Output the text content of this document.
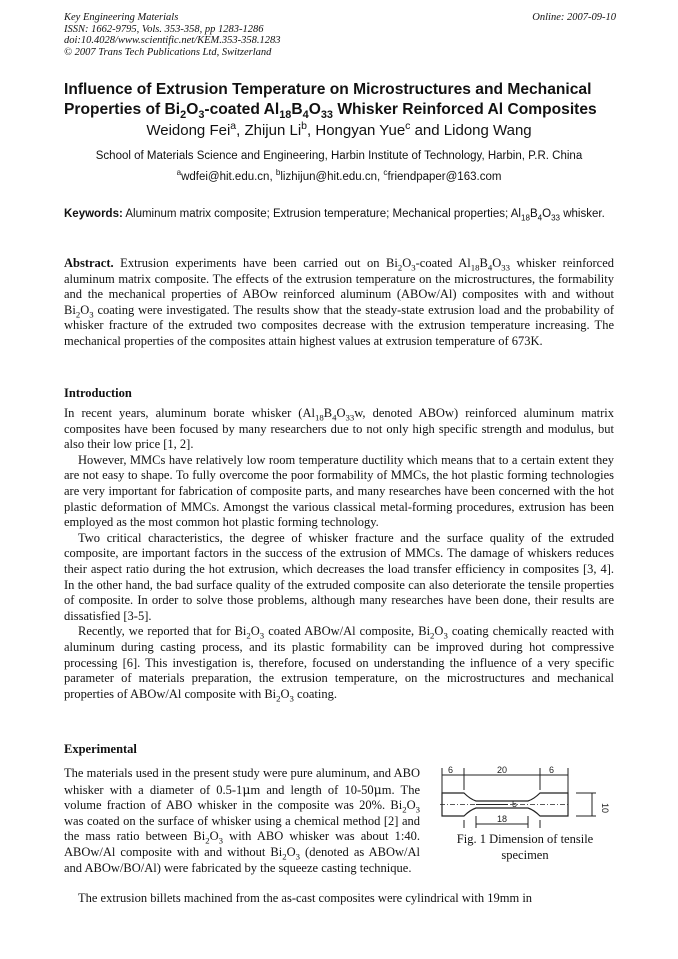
Key Engineering Materials
ISSN: 1662-9795, Vols. 353-358, pp 1283-1286
doi:10.4028/www.scientific.net/KEM.353-358.1283
© 2007 Trans Tech Publications Ltd, Switzerland
Online: 2007-09-10
Influence of Extrusion Temperature on Microstructures and Mechanical
Properties of $Bi_2O_3$-coated $Al_{18}B_4O_{33}$ Whisker Reinforced Al Composites
Weidong Fei$^a$, Zhijun Li$^b$, Hongyan Yue$^c$ and Lidong Wang
School of Materials Science and Engineering, Harbin Institute of Technology, Harbin, P.R. China
$^a$wdfei@hit.edu.cn, $^b$lizhijun@hit.edu.cn, $^c$friendpaper@163.com
Keywords: Aluminum matrix composite; Extrusion temperature; Mechanical properties; $Al_{18}B_4O_{33}$ whisker.
Abstract. Extrusion experiments have been carried out on $Bi_2O_3$-coated $Al_{18}B_4O_{33}$ whisker reinforced aluminum matrix composite. The effects of the extrusion temperature on the microstructures, the formability and the mechanical properties of ABOw reinforced aluminum (ABOw/Al) composites with and without $Bi_2O_3$ coating were investigated. The results show that the steady-state extrusion load and the probability of whisker fracture of the extruded two composites decrease with the extrusion temperature increasing. The mechanical properties of the composites attain highest values at extrusion temperature of 673K.
Introduction

In recent years, aluminum borate whisker ($Al_{18}B_4O_{33}w$, denoted ABOw) reinforced aluminum matrix composites have been focused by many researchers due to not only high specific strength and modulus, but also their low price [1, 2].

However, MMCs have relatively low room temperature ductility which means that to a certain extent they are not easy to shape. To fully overcome the poor formability of MMCs, the hot plastic forming technologies are very important for fabrication of composite parts, and many researches have been concerned with the hot plastic deformation of MMCs. Amongst the various classical metal-forming procedures, extrusion has been employed as the most common hot plastic forming technology.

Two critical characteristics, the degree of whisker fracture and the surface quality of the extruded composite, are important factors in the success of the extrusion of MMCs. The damage of whiskers reduces their aspect ratio during the hot extrusion, which decreases the load transfer efficiency in composites [3, 4]. In the other hand, the bad surface quality of the extruded composite can also deteriorate the tensile properties of composite. In order to solve those problems, although many researches have been done, their results are dissatisfied [3-5].

Recently, we reported that for $Bi_2O_3$ coated ABOw/Al composite, $Bi_2O_3$ coating chemically reacted with aluminum during casting process, and its plastic formability can be improved during hot compressive processing [6]. This investigation is, therefore, focused on understanding the influence of a very specific parameter of materials preparation, the extrusion temperature, on the microstructures and mechanical properties of ABOw/Al composite with $Bi_2O_3$ coating.

Experimental
The materials used in the present study were pure aluminum, and ABO whisker with a diameter of 0.5-1μm and length of 10-50μm. The volume fraction of ABO whisker in the composite was 20%. $Bi_2O_3$ was coated on the surface of whisker using a chemical method [2] and the mass ratio between $Bi_2O_3$ with ABO whisker was about 1:40. ABOw/Al composite with and without $Bi_2O_3$ (denoted as ABOw/Al and ABOw/BO/Al) were fabricated by the squeeze casting technique.
6	20	6
5
18
10
Fig. 1 Dimension of tensile specimen
The extrusion billets machined from the as-cast composites were cylindrical with 19mm in
